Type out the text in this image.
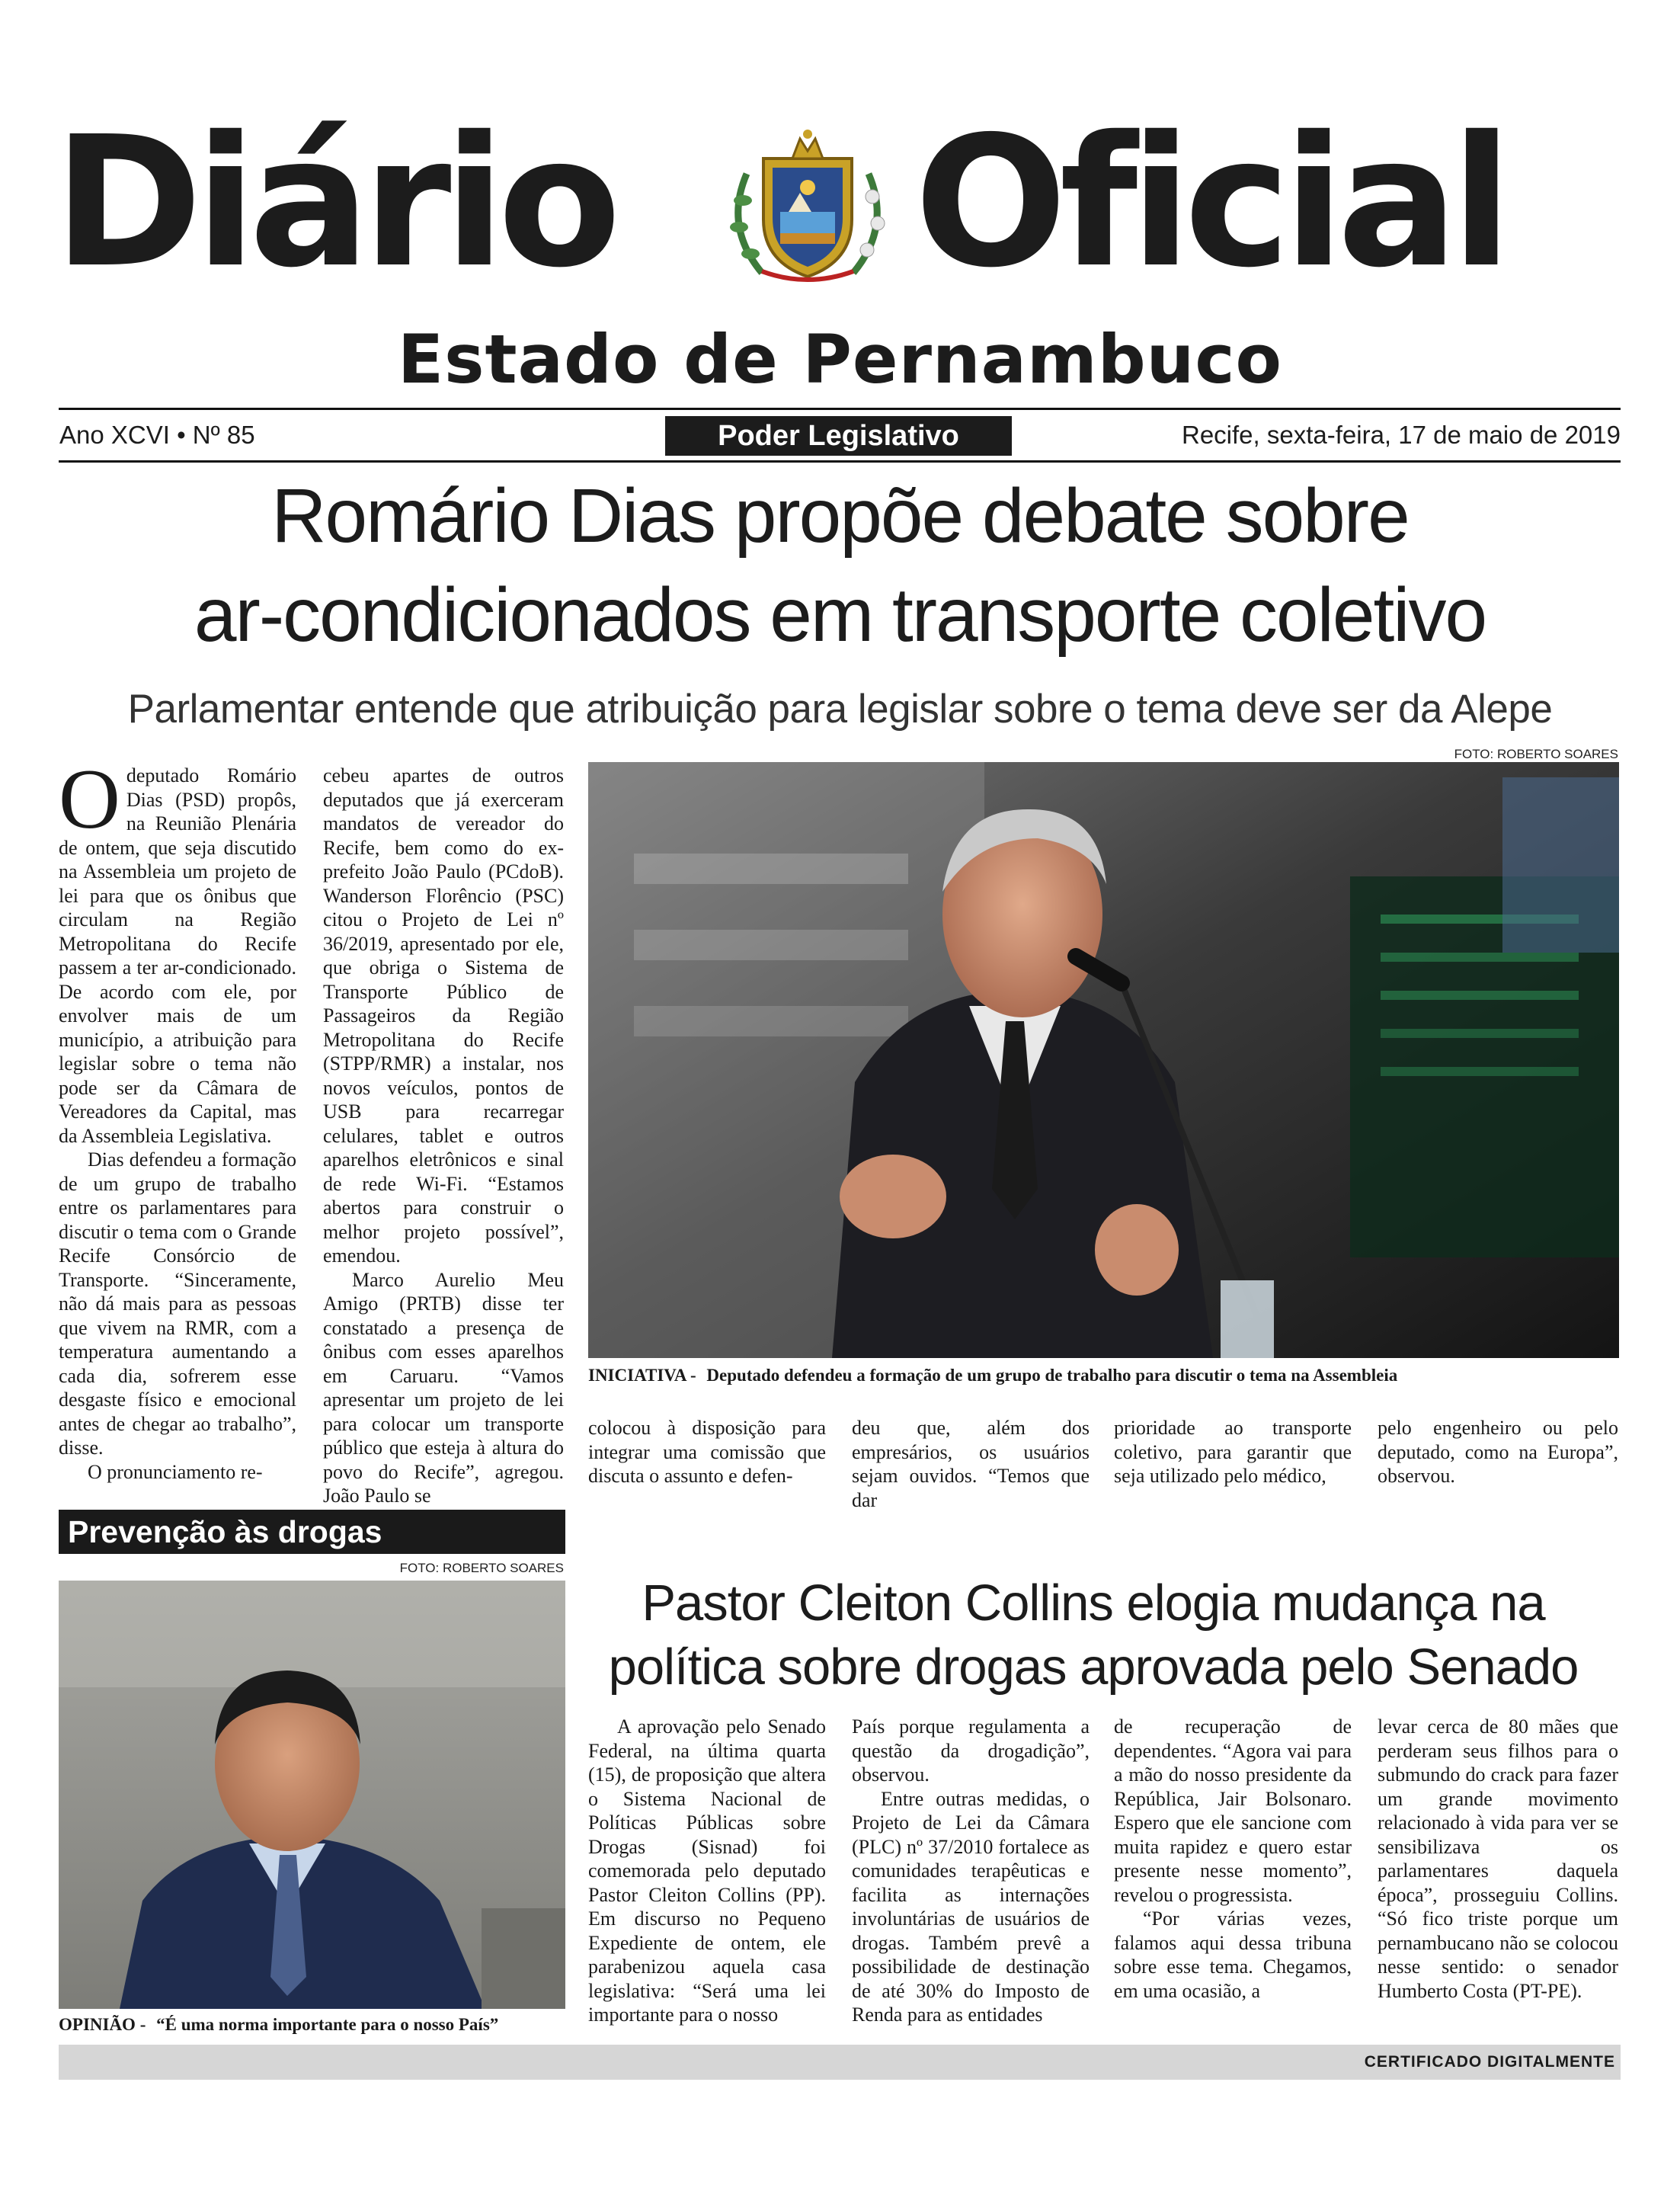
Diário Oficial
Estado de Pernambuco
Ano XCVI • Nº 85	Poder Legislativo	Recife, sexta-feira, 17 de maio de 2019
Romário Dias propõe debate sobre
ar-condicionados em transporte coletivo
Parlamentar entende que atribuição para legislar sobre o tema deve ser da Alepe
FOTO: ROBERTO SOARES
INICIATIVA - Deputado defendeu a formação de um grupo de trabalho para discutir o tema na Assembleia

Odeputado Romário Dias (PSD) propôs, na Reunião Plenária de ontem, que seja discutido na Assembleia um projeto de lei para que os ônibus que circulam na Região Metropolitana do Recife passem a ter ar-condicionado. De acordo com ele, por envolver mais de um município, a atribuição para legislar sobre o tema não pode ser da Câmara de Vereadores da Capital, mas da Assembleia Legislativa.

Dias defendeu a formação de um grupo de trabalho entre os parlamentares para discutir o tema com o Grande Recife Consórcio de Transporte. “Sinceramente, não dá mais para as pessoas que vivem na RMR, com a temperatura aumentando a cada dia, sofrerem esse desgaste físico e emocional antes de chegar ao trabalho”, disse.

O pronunciamento re-

cebeu apartes de outros deputados que já exerceram mandatos de vereador do Recife, bem como do ex-prefeito João Paulo (PCdoB). Wanderson Florêncio (PSC) citou o Projeto de Lei nº 36/2019, apresentado por ele, que obriga o Sistema de Transporte Público de Passageiros da Região Metropolitana do Recife (STPP/RMR) a instalar, nos novos veículos, pontos de USB para recarregar celulares, tablet e outros aparelhos eletrônicos e sinal de rede Wi-Fi. “Estamos abertos para construir o melhor projeto possível”, emendou.

Marco Aurelio Meu Amigo (PRTB) disse ter constatado a presença de ônibus com esses aparelhos em Caruaru. “Vamos apresentar um projeto de lei para colocar um transporte público que esteja à altura do povo do Recife”, agregou. João Paulo se

colocou à disposição para integrar uma comissão que discuta o assunto e defen-

deu que, além dos empresários, os usuários sejam ouvidos. “Temos que dar

prioridade ao transporte coletivo, para garantir que seja utilizado pelo médico,

pelo engenheiro ou pelo deputado, como na Europa”, observou.

Prevenção às drogas
FOTO: ROBERTO SOARES
OPINIÃO - “É uma norma importante para o nosso País”
Pastor Cleiton Collins elogia mudança na
política sobre drogas aprovada pelo Senado

A aprovação pelo Senado Federal, na última quarta (15), de proposição que altera o Sistema Nacional de Políticas Públicas sobre Drogas (Sisnad) foi comemorada pelo deputado Pastor Cleiton Collins (PP). Em discurso no Pequeno Expediente de ontem, ele parabenizou aquela casa legislativa: “Será uma lei importante para o nosso

País porque regulamenta a questão da drogadição”, observou.

Entre outras medidas, o Projeto de Lei da Câmara (PLC) nº 37/2010 fortalece as comunidades terapêuticas e facilita as internações involuntárias de usuários de drogas. Também prevê a possibilidade de destinação de até 30% do Imposto de Renda para as entidades

de recuperação de dependentes. “Agora vai para a mão do nosso presidente da República, Jair Bolsonaro. Espero que ele sancione com muita rapidez e quero estar presente nesse momento”, revelou o progressista.

“Por várias vezes, falamos aqui dessa tribuna sobre esse tema. Chegamos, em uma ocasião, a

levar cerca de 80 mães que perderam seus filhos para o submundo do crack para fazer um grande movimento relacionado à vida para ver se sensibilizava os parlamentares daquela época”, prosseguiu Collins. “Só fico triste porque um pernambucano não se colocou nesse sentido: o senador Humberto Costa (PT-PE).

CERTIFICADO DIGITALMENTE
